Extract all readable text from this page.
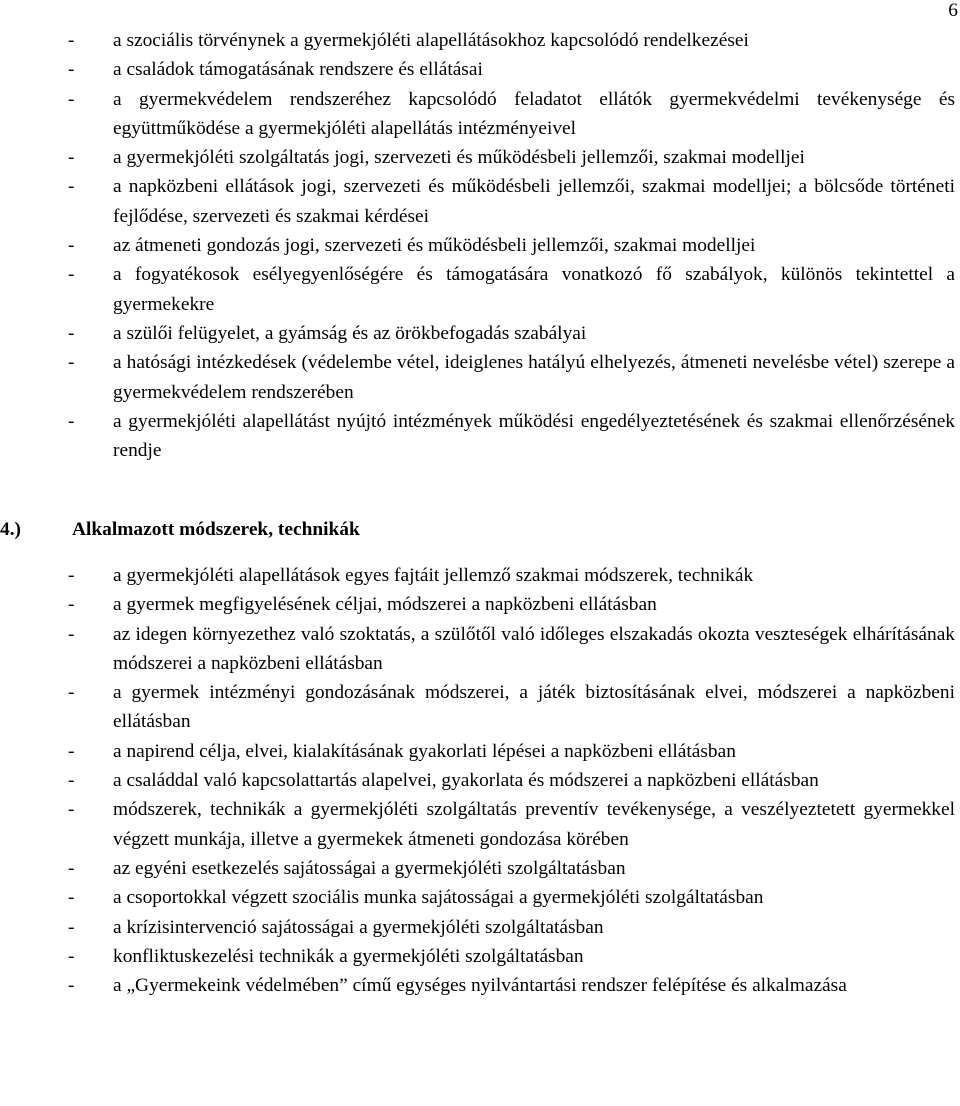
6
- a szociális törvénynek a gyermekjóléti alapellátásokhoz kapcsolódó rendelkezései
- a családok támogatásának rendszere és ellátásai
- a gyermekvédelem rendszeréhez kapcsolódó feladatot ellátók gyermekvédelmi tevékenysége és együttműködése a gyermekjóléti alapellátás intézményeivel
- a gyermekjóléti szolgáltatás jogi, szervezeti és működésbeli jellemzői, szakmai modelljei
- a napközbeni ellátások jogi, szervezeti és működésbeli jellemzői, szakmai modelljei; a bölcsőde történeti fejlődése, szervezeti és szakmai kérdései
- az átmeneti gondozás jogi, szervezeti és működésbeli jellemzői, szakmai modelljei
- a fogyatékosok esélyegyenlőségére és támogatására vonatkozó fő szabályok, különös tekintettel a gyermekekre
- a szülői felügyelet, a gyámság és az örökbefogadás szabályai
- a hatósági intézkedések (védelembe vétel, ideiglenes hatályú elhelyezés, átmeneti nevelésbe vétel) szerepe a gyermekvédelem rendszerében
- a gyermekjóléti alapellátást nyújtó intézmények működési engedélyeztetésének és szakmai ellenőrzésének rendje
4.)	Alkalmazott módszerek, technikák
- a gyermekjóléti alapellátások egyes fajtáit jellemző szakmai módszerek, technikák
- a gyermek megfigyelésének céljai, módszerei a napközbeni ellátásban
- az idegen környezethez való szoktatás, a szülőtől való időleges elszakadás okozta veszteségek elhárításának módszerei a napközbeni ellátásban
- a gyermek intézményi gondozásának módszerei, a játék biztosításának elvei, módszerei a napközbeni ellátásban
- a napirend célja, elvei, kialakításának gyakorlati lépései a napközbeni ellátásban
- a családdal való kapcsolattartás alapelvei, gyakorlata és módszerei a napközbeni ellátásban
- módszerek, technikák a gyermekjóléti szolgáltatás preventív tevékenysége, a veszélyeztetett gyermekkel végzett munkája, illetve a gyermekek átmeneti gondozása körében
- az egyéni esetkezelés sajátosságai a gyermekjóléti szolgáltatásban
- a csoportokkal végzett szociális munka sajátosságai a gyermekjóléti szolgáltatásban
- a krízisintervenció sajátosságai a gyermekjóléti szolgáltatásban
- konfliktuskezelési technikák a gyermekjóléti szolgáltatásban
- a „Gyermekeink védelmében” című egységes nyilvántartási rendszer felépítése és alkalmazása
